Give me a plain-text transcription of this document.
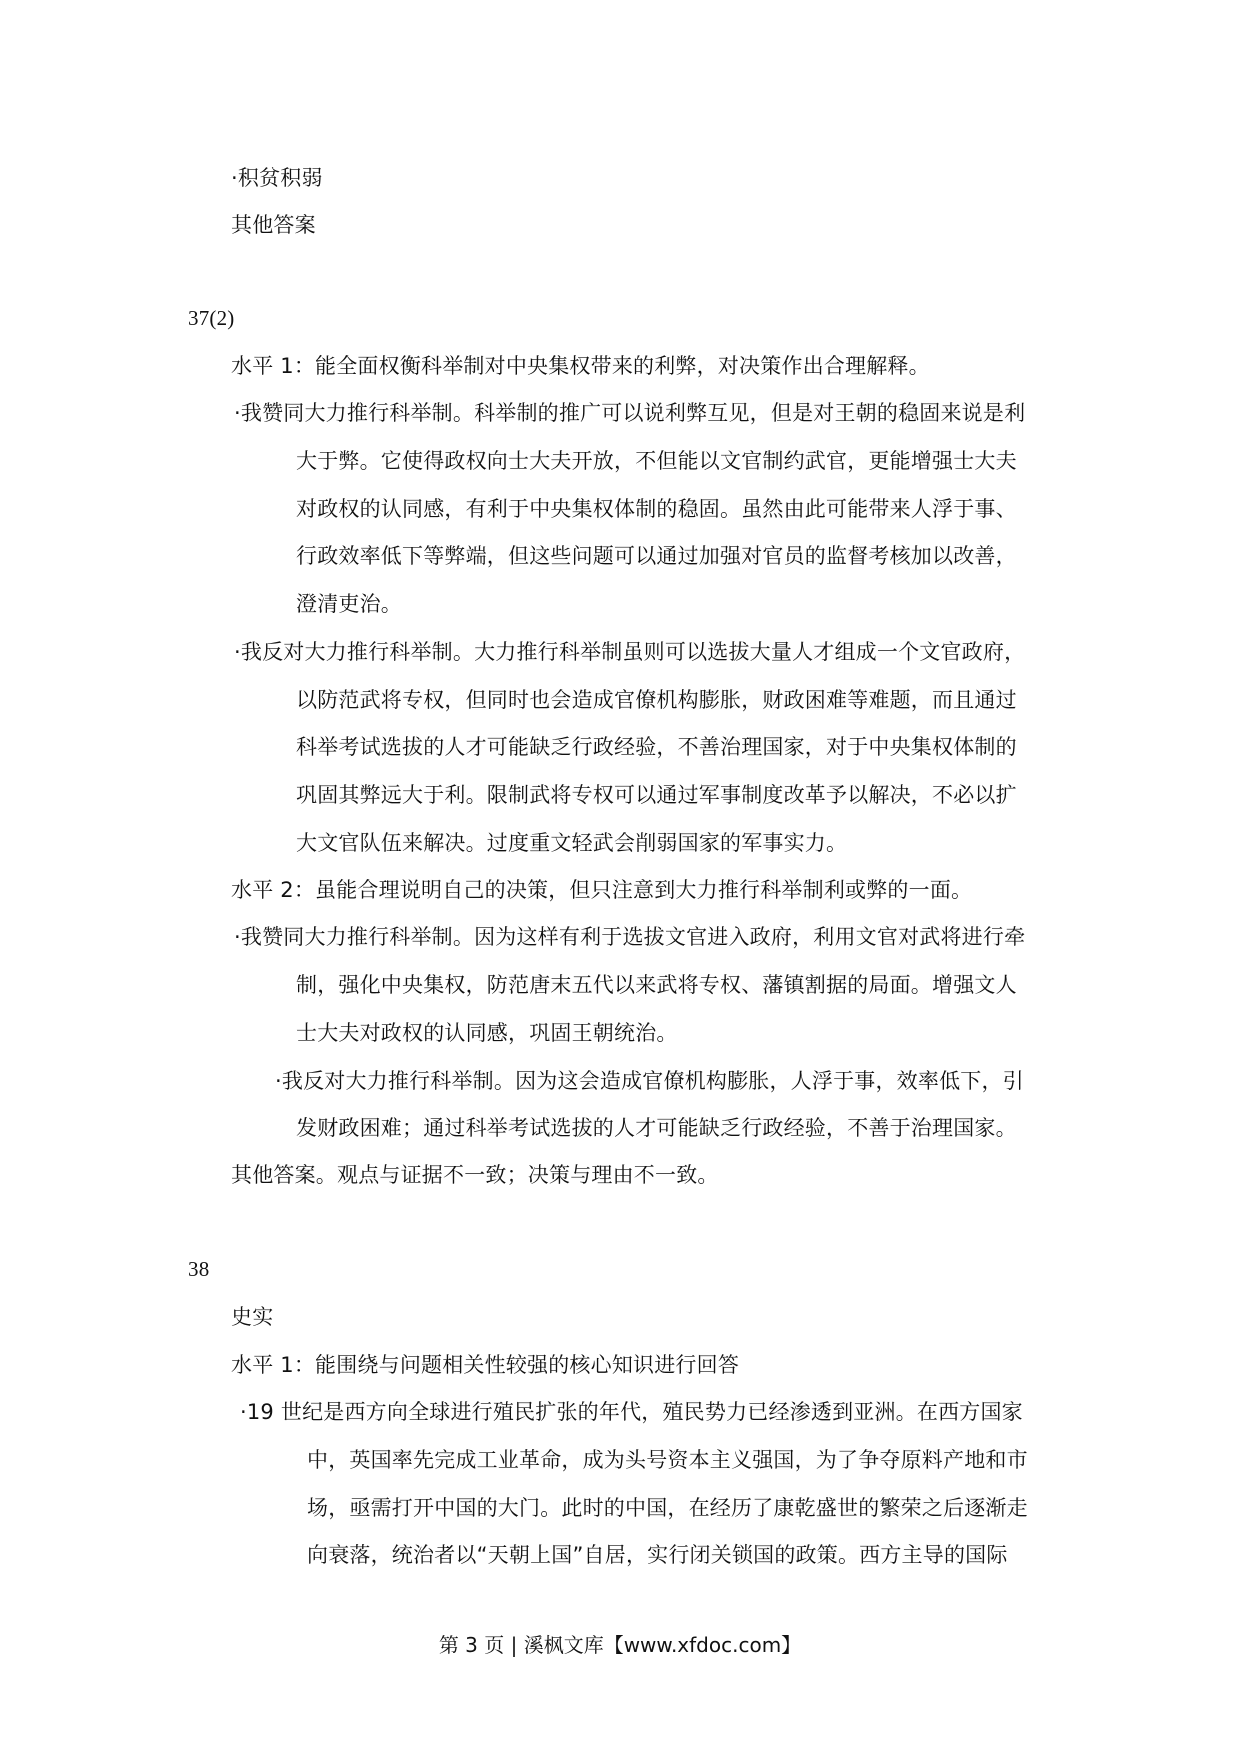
·积贫积弱
其他答案
37(2)
水平 1：能全面权衡科举制对中央集权带来的利弊，对决策作出合理解释。
·我赞同大力推行科举制。科举制的推广可以说利弊互见，但是对王朝的稳固来说是利
大于弊。它使得政权向士大夫开放，不但能以文官制约武官，更能增强士大夫
对政权的认同感，有利于中央集权体制的稳固。虽然由此可能带来人浮于事、
行政效率低下等弊端，但这些问题可以通过加强对官员的监督考核加以改善，
澄清吏治。
·我反对大力推行科举制。大力推行科举制虽则可以选拔大量人才组成一个文官政府，
以防范武将专权，但同时也会造成官僚机构膨胀，财政困难等难题，而且通过
科举考试选拔的人才可能缺乏行政经验，不善治理国家，对于中央集权体制的
巩固其弊远大于利。限制武将专权可以通过军事制度改革予以解决，不必以扩
大文官队伍来解决。过度重文轻武会削弱国家的军事实力。
水平 2：虽能合理说明自己的决策，但只注意到大力推行科举制利或弊的一面。
·我赞同大力推行科举制。因为这样有利于选拔文官进入政府，利用文官对武将进行牵
制，强化中央集权，防范唐末五代以来武将专权、藩镇割据的局面。增强文人
士大夫对政权的认同感，巩固王朝统治。
·我反对大力推行科举制。因为这会造成官僚机构膨胀，人浮于事，效率低下，引
发财政困难；通过科举考试选拔的人才可能缺乏行政经验，不善于治理国家。
其他答案。观点与证据不一致；决策与理由不一致。
38
史实
水平 1：能围绕与问题相关性较强的核心知识进行回答
·19 世纪是西方向全球进行殖民扩张的年代，殖民势力已经渗透到亚洲。在西方国家
中，英国率先完成工业革命，成为头号资本主义强国，为了争夺原料产地和市
场，亟需打开中国的大门。此时的中国，在经历了康乾盛世的繁荣之后逐渐走
向衰落，统治者以“天朝上国”自居，实行闭关锁国的政策。西方主导的国际
第 3 页 | 溪枫文库【www.xfdoc.com】
